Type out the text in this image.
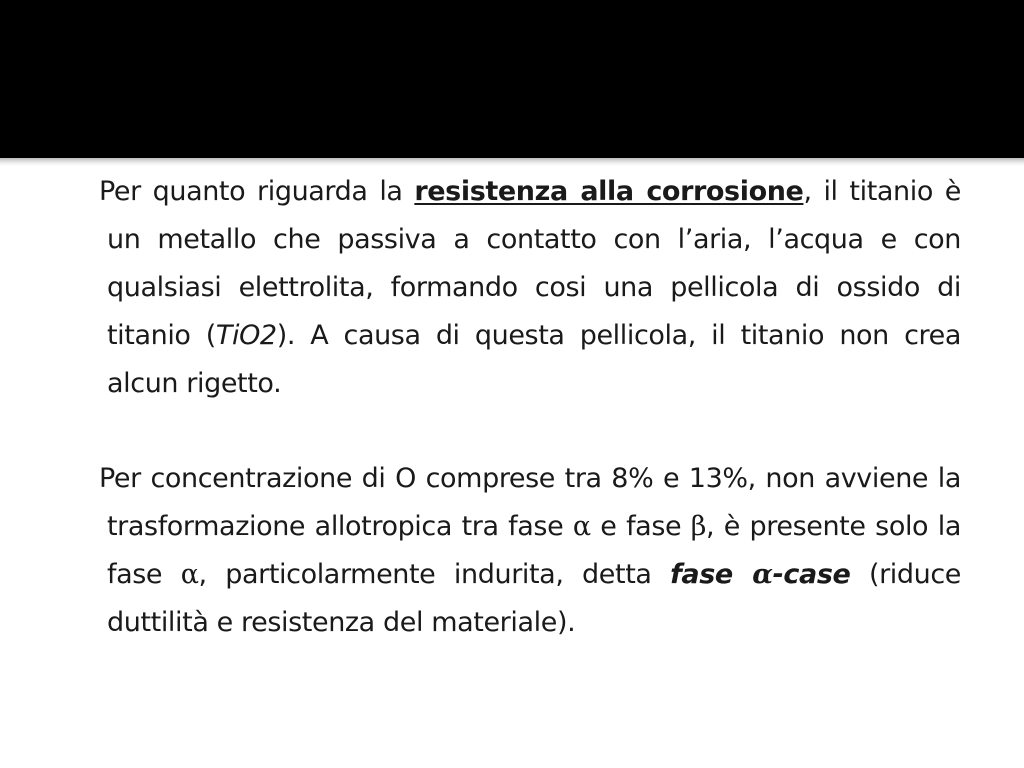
Per quanto riguarda la resistenza alla corrosione, il titanio è un metallo che passiva a contatto con l’aria, l’acqua e con qualsiasi elettrolita, formando cosi una pellicola di ossido di titanio (TiO2). A causa di questa pellicola, il titanio non crea alcun rigetto.

Per concentrazione di O comprese tra 8% e 13%, non avviene la trasformazione allotropica tra fase α e fase β, è presente solo la fase α, particolarmente indurita, detta fase α-case (riduce duttilità e resistenza del materiale).
